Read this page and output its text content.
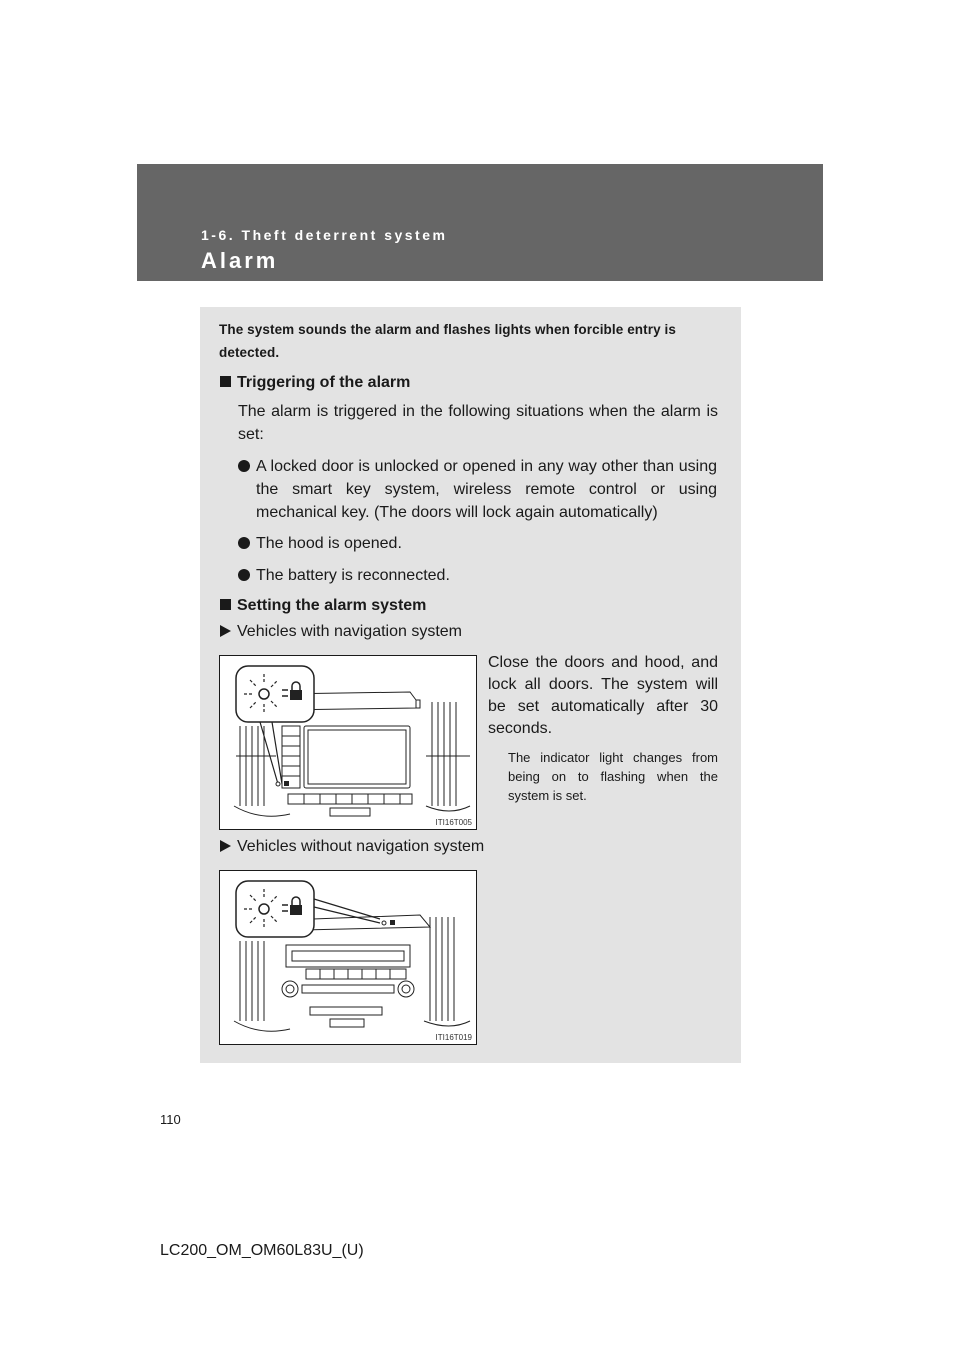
1-6. Theft deterrent system
Alarm
The system sounds the alarm and flashes lights when forcible entry is detected.
Triggering of the alarm
The alarm is triggered in the following situations when the alarm is set:
A locked door is unlocked or opened in any way other than using the smart key system, wireless remote control or using mechanical key. (The doors will lock again automatically)
The hood is opened.
The battery is reconnected.
Setting the alarm system
Vehicles with navigation system
ITI16T005
Close the doors and hood, and lock all doors. The system will be set automatically after 30 seconds.
The indicator light changes from being on to flashing when the system is set.
Vehicles without navigation system
ITI16T019
110
LC200_OM_OM60L83U_(U)
